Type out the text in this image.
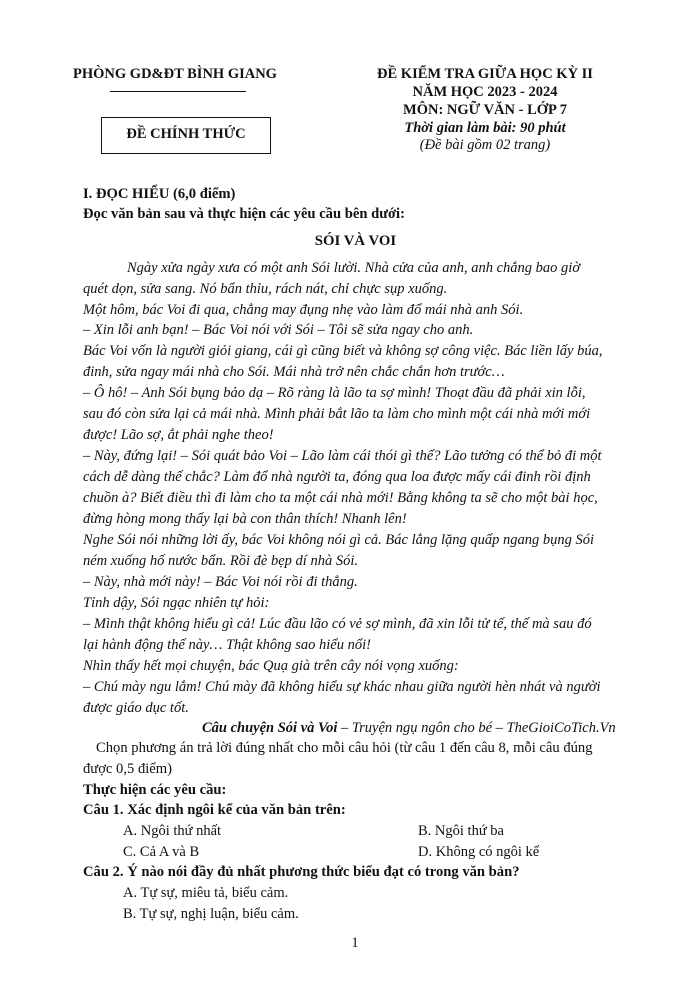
PHÒNG GD&ĐT BÌNH GIANG
ĐỀ CHÍNH THỨC
ĐỀ KIỂM TRA GIỮA HỌC KỲ II
NĂM HỌC 2023 - 2024
MÔN: NGỮ VĂN - LỚP 7
Thời gian làm bài: 90 phút
(Đề bài gồm 02 trang)
I. ĐỌC HIỂU (6,0 điểm)
Đọc văn bản sau và thực hiện các yêu cầu bên dưới:
SÓI VÀ VOI
Ngày xửa ngày xưa có một anh Sói lười. Nhà cửa của anh, anh chẳng bao giờ
quét dọn, sửa sang. Nó bẩn thỉu, rách nát, chỉ chực sụp xuống.
Một hôm, bác Voi đi qua, chẳng may đụng nhẹ vào làm đổ mái nhà anh Sói.
– Xin lỗi anh bạn! – Bác Voi nói với Sói – Tôi sẽ sửa ngay cho anh.
Bác Voi vốn là người giỏi giang, cái gì cũng biết và không sợ công việc. Bác liền lấy búa,
đinh, sửa ngay mái nhà cho Sói. Mái nhà trở nên chắc chắn hơn trước…
– Ô hô! – Anh Sói bụng bảo dạ – Rõ ràng là lão ta sợ mình! Thoạt đầu đã phải xin lỗi,
sau đó còn sửa lại cả mái nhà. Mình phải bắt lão ta làm cho mình một cái nhà mới mới
được! Lão sợ, ắt phải nghe theo!
– Này, đứng lại! – Sói quát bảo Voi – Lão làm cái thói gì thế? Lão tưởng có thể bỏ đi một
cách dễ dàng thế chắc? Làm đổ nhà người ta, đóng qua loa được mấy cái đinh rồi định
chuồn à? Biết điều thì đi làm cho ta một cái nhà mới! Bằng không ta sẽ cho một bài học,
đừng hòng mong thấy lại bà con thân thích! Nhanh lên!
Nghe Sói nói những lời ấy, bác Voi không nói gì cả. Bác lẳng lặng quấp ngang bụng Sói
ném xuống hố nước bẩn. Rồi đè bẹp dí nhà Sói.
– Này, nhà mới này! – Bác Voi nói rồi đi thẳng.
Tỉnh dậy, Sói ngạc nhiên tự hỏi:
– Mình thật không hiểu gì cả! Lúc đầu lão có vẻ sợ mình, đã xin lỗi tử tế, thế mà sau đó
lại hành động thế này… Thật không sao hiểu nổi!
Nhìn thấy hết mọi chuyện, bác Quạ già trên cây nói vọng xuống:
– Chú mày ngu lắm! Chú mày đã không hiểu sự khác nhau giữa người hèn nhát và người
được giáo dục tốt.
Câu chuyện Sói và Voi – Truyện ngụ ngôn cho bé – TheGioiCoTich.Vn
Chọn phương án trả lời đúng nhất cho mỗi câu hỏi (từ câu 1 đến câu 8, mỗi câu đúng
được 0,5 điểm)
Thực hiện các yêu cầu:
Câu 1. Xác định ngôi kể của văn bản trên:
A. Ngôi thứ nhất	B. Ngôi thứ ba
C. Cả A và B	D. Không có ngôi kể
Câu 2. Ý nào nói đầy đủ nhất phương thức biểu đạt có trong văn bản?
A. Tự sự, miêu tả, biểu cảm.
B. Tự sự, nghị luận, biểu cảm.
1
